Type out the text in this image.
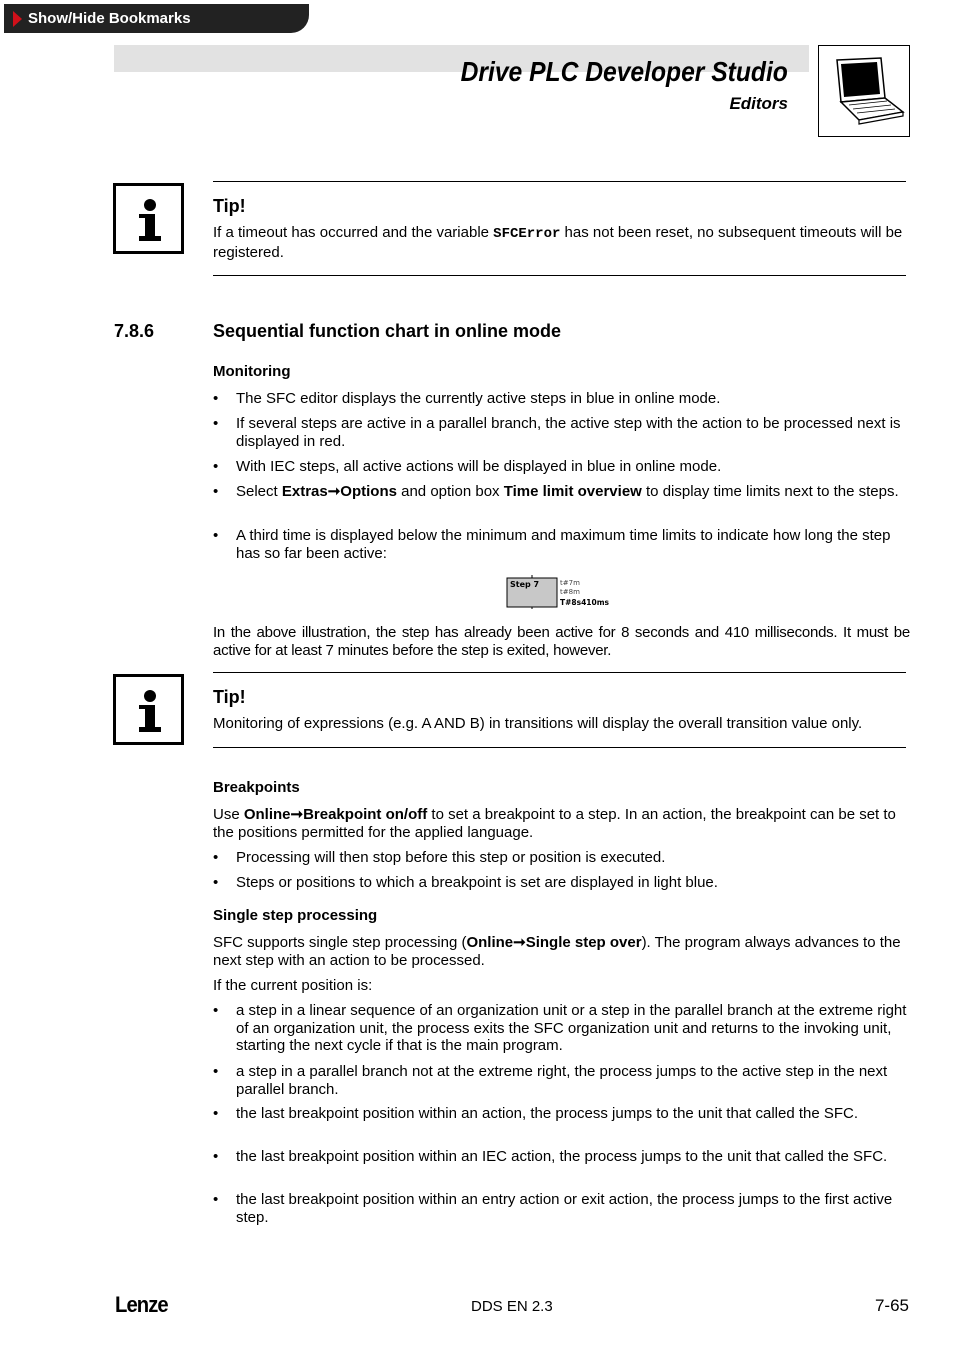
Show/Hide Bookmarks
Drive PLC Developer Studio
Editors
Tip!
If a timeout has occurred and the variable SFCError has not been reset, no subsequent timeouts will be registered.
7.8.6	Sequential function chart in online mode
Monitoring
• The SFC editor displays the currently active steps in blue in online mode.
• If several steps are active in a parallel branch, the active step with the action to be processed next is displayed in red.
• With IEC steps, all active actions will be displayed in blue in online mode.
• Select Extras➞Options and option box Time limit overview to display time limits next to the steps.
• A third time is displayed below the minimum and maximum time limits to indicate how long the step has so far been active:
Step 7	t#7m
t#8m
T#8s410ms
In the above illustration, the step has already been active for 8 seconds and 410 milliseconds. It must be active for at least 7 minutes before the step is exited, however.
Tip!
Monitoring of expressions (e.g. A AND B) in transitions will display the overall transition value only.
Breakpoints
Use Online➞Breakpoint on/off to set a breakpoint to a step. In an action, the breakpoint can be set to the positions permitted for the applied language.
• Processing will then stop before this step or position is executed.
• Steps or positions to which a breakpoint is set are displayed in light blue.
Single step processing
SFC supports single step processing (Online➞Single step over). The program always advances to the next step with an action to be processed.
If the current position is:
• a step in a linear sequence of an organization unit or a step in the parallel branch at the extreme right of an organization unit, the process exits the SFC organization unit and returns to the invoking unit, starting the next cycle if that is the main program.
• a step in a parallel branch not at the extreme right, the process jumps to the active step in the next parallel branch.
• the last breakpoint position within an action, the process jumps to the unit that called the SFC.
• the last breakpoint position within an IEC action, the process jumps to the unit that called the SFC.
• the last breakpoint position within an entry action or exit action, the process jumps to the first active step.
Lenze	DDS EN 2.3	7-65
